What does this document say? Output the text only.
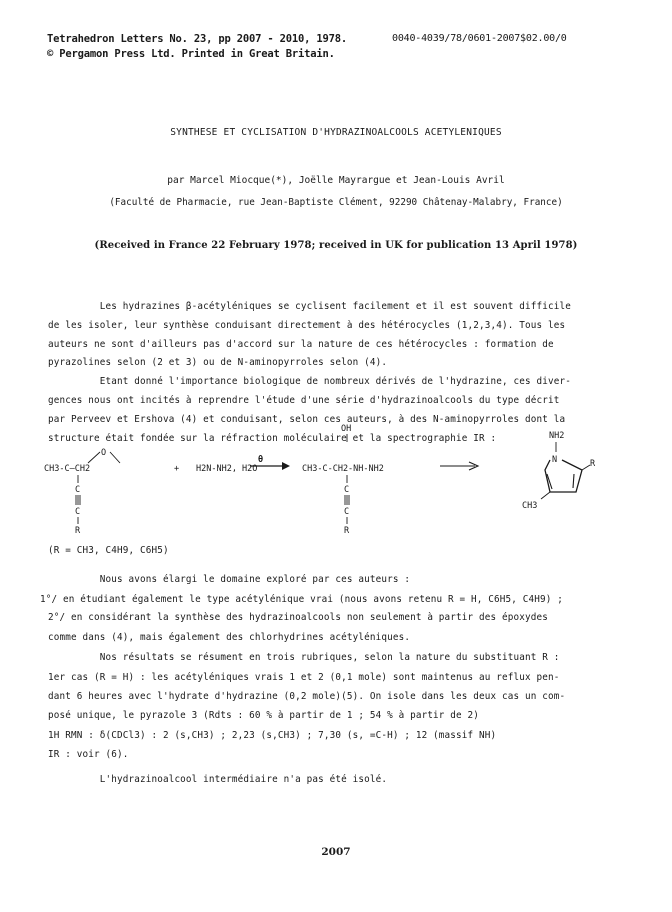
Tetrahedron Letters No. 23, pp 2007 - 2010, 1978.	0040-4039/78/0601-2007$02.00/0
© Pergamon Press Ltd. Printed in Great Britain.
SYNTHESE ET CYCLISATION D'HYDRAZINOALCOOLS ACETYLENIQUES
par Marcel Miocque(*), Joëlle Mayrargue et Jean-Louis Avril
(Faculté de Pharmacie, rue Jean-Baptiste Clément, 92290 Châtenay-Malabry, France)
(Received in France 22 February 1978; received in UK for publication 13 April 1978)
Les hydrazines β-acétyléniques se cyclisent facilement et il est souvent difficile
de les isoler, leur synthèse conduisant directement à des hétérocycles (1,2,3,4). Tous les
auteurs ne sont d'ailleurs pas d'accord sur la nature de ces hétérocycles : formation de
pyrazolines selon (2 et 3) ou de N-aminopyrroles selon (4).
Etant donné l'importance biologique de nombreux dérivés de l'hydrazine, ces diver-
gences nous ont incités à reprendre l'étude d'une série d'hydrazinoalcools du type décrit
par Perveev et Ershova (4) et conduisant, selon ces auteurs, à des N-aminopyrroles dont la
structure était fondée sur la réfraction moléculaire et la spectrographie IR :
CH3-C—CH2
O
C
C
R
+ H2N-NH2, H2O
θ
OH
CH3-C-CH2-NH-NH2
C
C
R
NH2
N	R
CH3
(R = CH3, C4H9, C6H5)
Nous avons élargi le domaine exploré par ces auteurs :
1°/ en étudiant également le type acétylénique vrai (nous avons retenu R = H, C6H5, C4H9) ;
2°/ en considérant la synthèse des hydrazinoalcools non seulement à partir des époxydes
comme dans (4), mais également des chlorhydrines acétyléniques.
Nos résultats se résument en trois rubriques, selon la nature du substituant R :
1er cas (R = H) : les acétyléniques vrais 1 et 2 (0,1 mole) sont maintenus au reflux pen-
dant 6 heures avec l'hydrate d'hydrazine (0,2 mole)(5). On isole dans les deux cas un com-
posé unique, le pyrazole 3 (Rdts : 60 % à partir de 1 ; 54 % à partir de 2)
1H RMN : δ(CDCl3) : 2 (s,CH3) ; 2,23 (s,CH3) ; 7,30 (s, =C-H) ; 12 (massif NH)
IR : voir (6).
L'hydrazinoalcool intermédiaire n'a pas été isolé.
2007
